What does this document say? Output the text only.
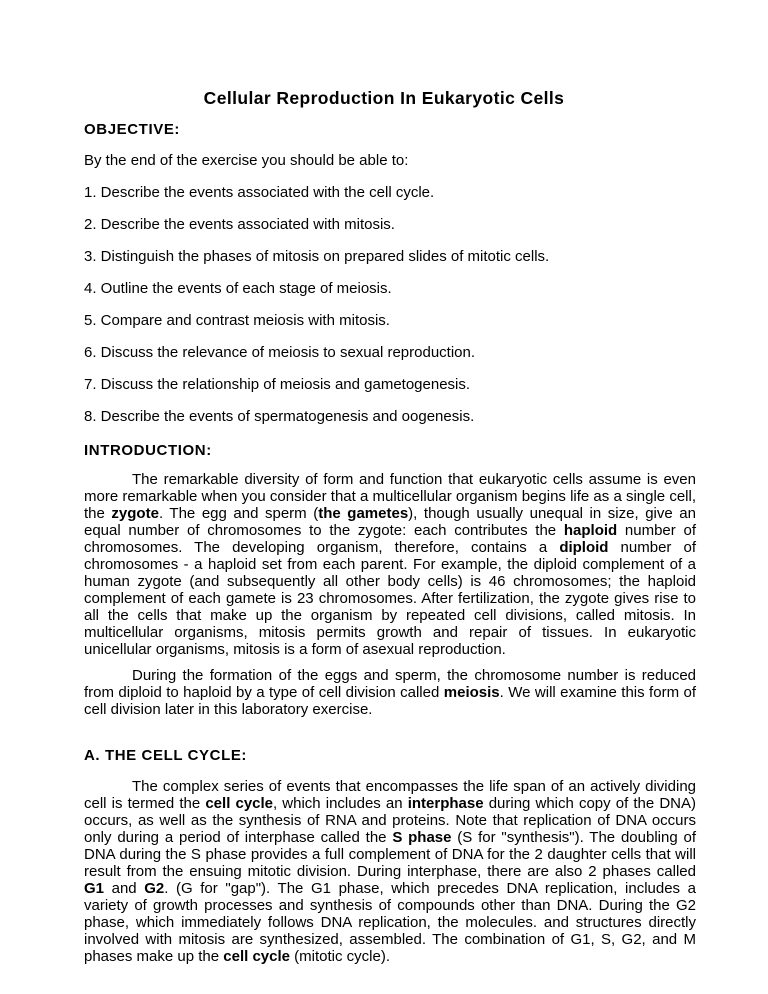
Cellular Reproduction In Eukaryotic Cells
OBJECTIVE:
By the end of the exercise you should be able to:
1. Describe the events associated with the cell cycle.
2. Describe the events associated with mitosis.
3. Distinguish the phases of mitosis on prepared slides of mitotic cells.
4. Outline the events of each stage of meiosis.
5. Compare and contrast meiosis with mitosis.
6. Discuss the relevance of meiosis to sexual reproduction.
7. Discuss the relationship of meiosis and gametogenesis.
8. Describe the events of spermatogenesis and oogenesis.
INTRODUCTION:
The remarkable diversity of form and function that eukaryotic cells assume is even more remarkable when you consider that a multicellular organism begins life as a single cell, the zygote. The egg and sperm (the gametes), though usually unequal in size, give an equal number of chromosomes to the zygote: each contributes the haploid number of chromosomes. The developing organism, therefore, contains a diploid number of chromosomes - a haploid set from each parent. For example, the diploid complement of a human zygote (and subsequently all other body cells) is 46 chromosomes; the haploid complement of each gamete is 23 chromosomes. After fertilization, the zygote gives rise to all the cells that make up the organism by repeated cell divisions, called mitosis. In multicellular organisms, mitosis permits growth and repair of tissues. In eukaryotic unicellular organisms, mitosis is a form of asexual reproduction.
During the formation of the eggs and sperm, the chromosome number is reduced from diploid to haploid by a type of cell division called meiosis. We will examine this form of cell division later in this laboratory exercise.
A. THE CELL CYCLE:
The complex series of events that encompasses the life span of an actively dividing cell is termed the cell cycle, which includes an interphase during which copy of the DNA) occurs, as well as the synthesis of RNA and proteins. Note that replication of DNA occurs only during a period of interphase called the S phase (S for "synthesis"). The doubling of DNA during the S phase provides a full complement of DNA for the 2 daughter cells that will result from the ensuing mitotic division. During interphase, there are also 2 phases called G1 and G2. (G for "gap"). The G1 phase, which precedes DNA replication, includes a variety of growth processes and synthesis of compounds other than DNA. During the G2 phase, which immediately follows DNA replication, the molecules. and structures directly involved with mitosis are synthesized, assembled. The combination of G1, S, G2, and M phases make up the cell cycle (mitotic cycle).
